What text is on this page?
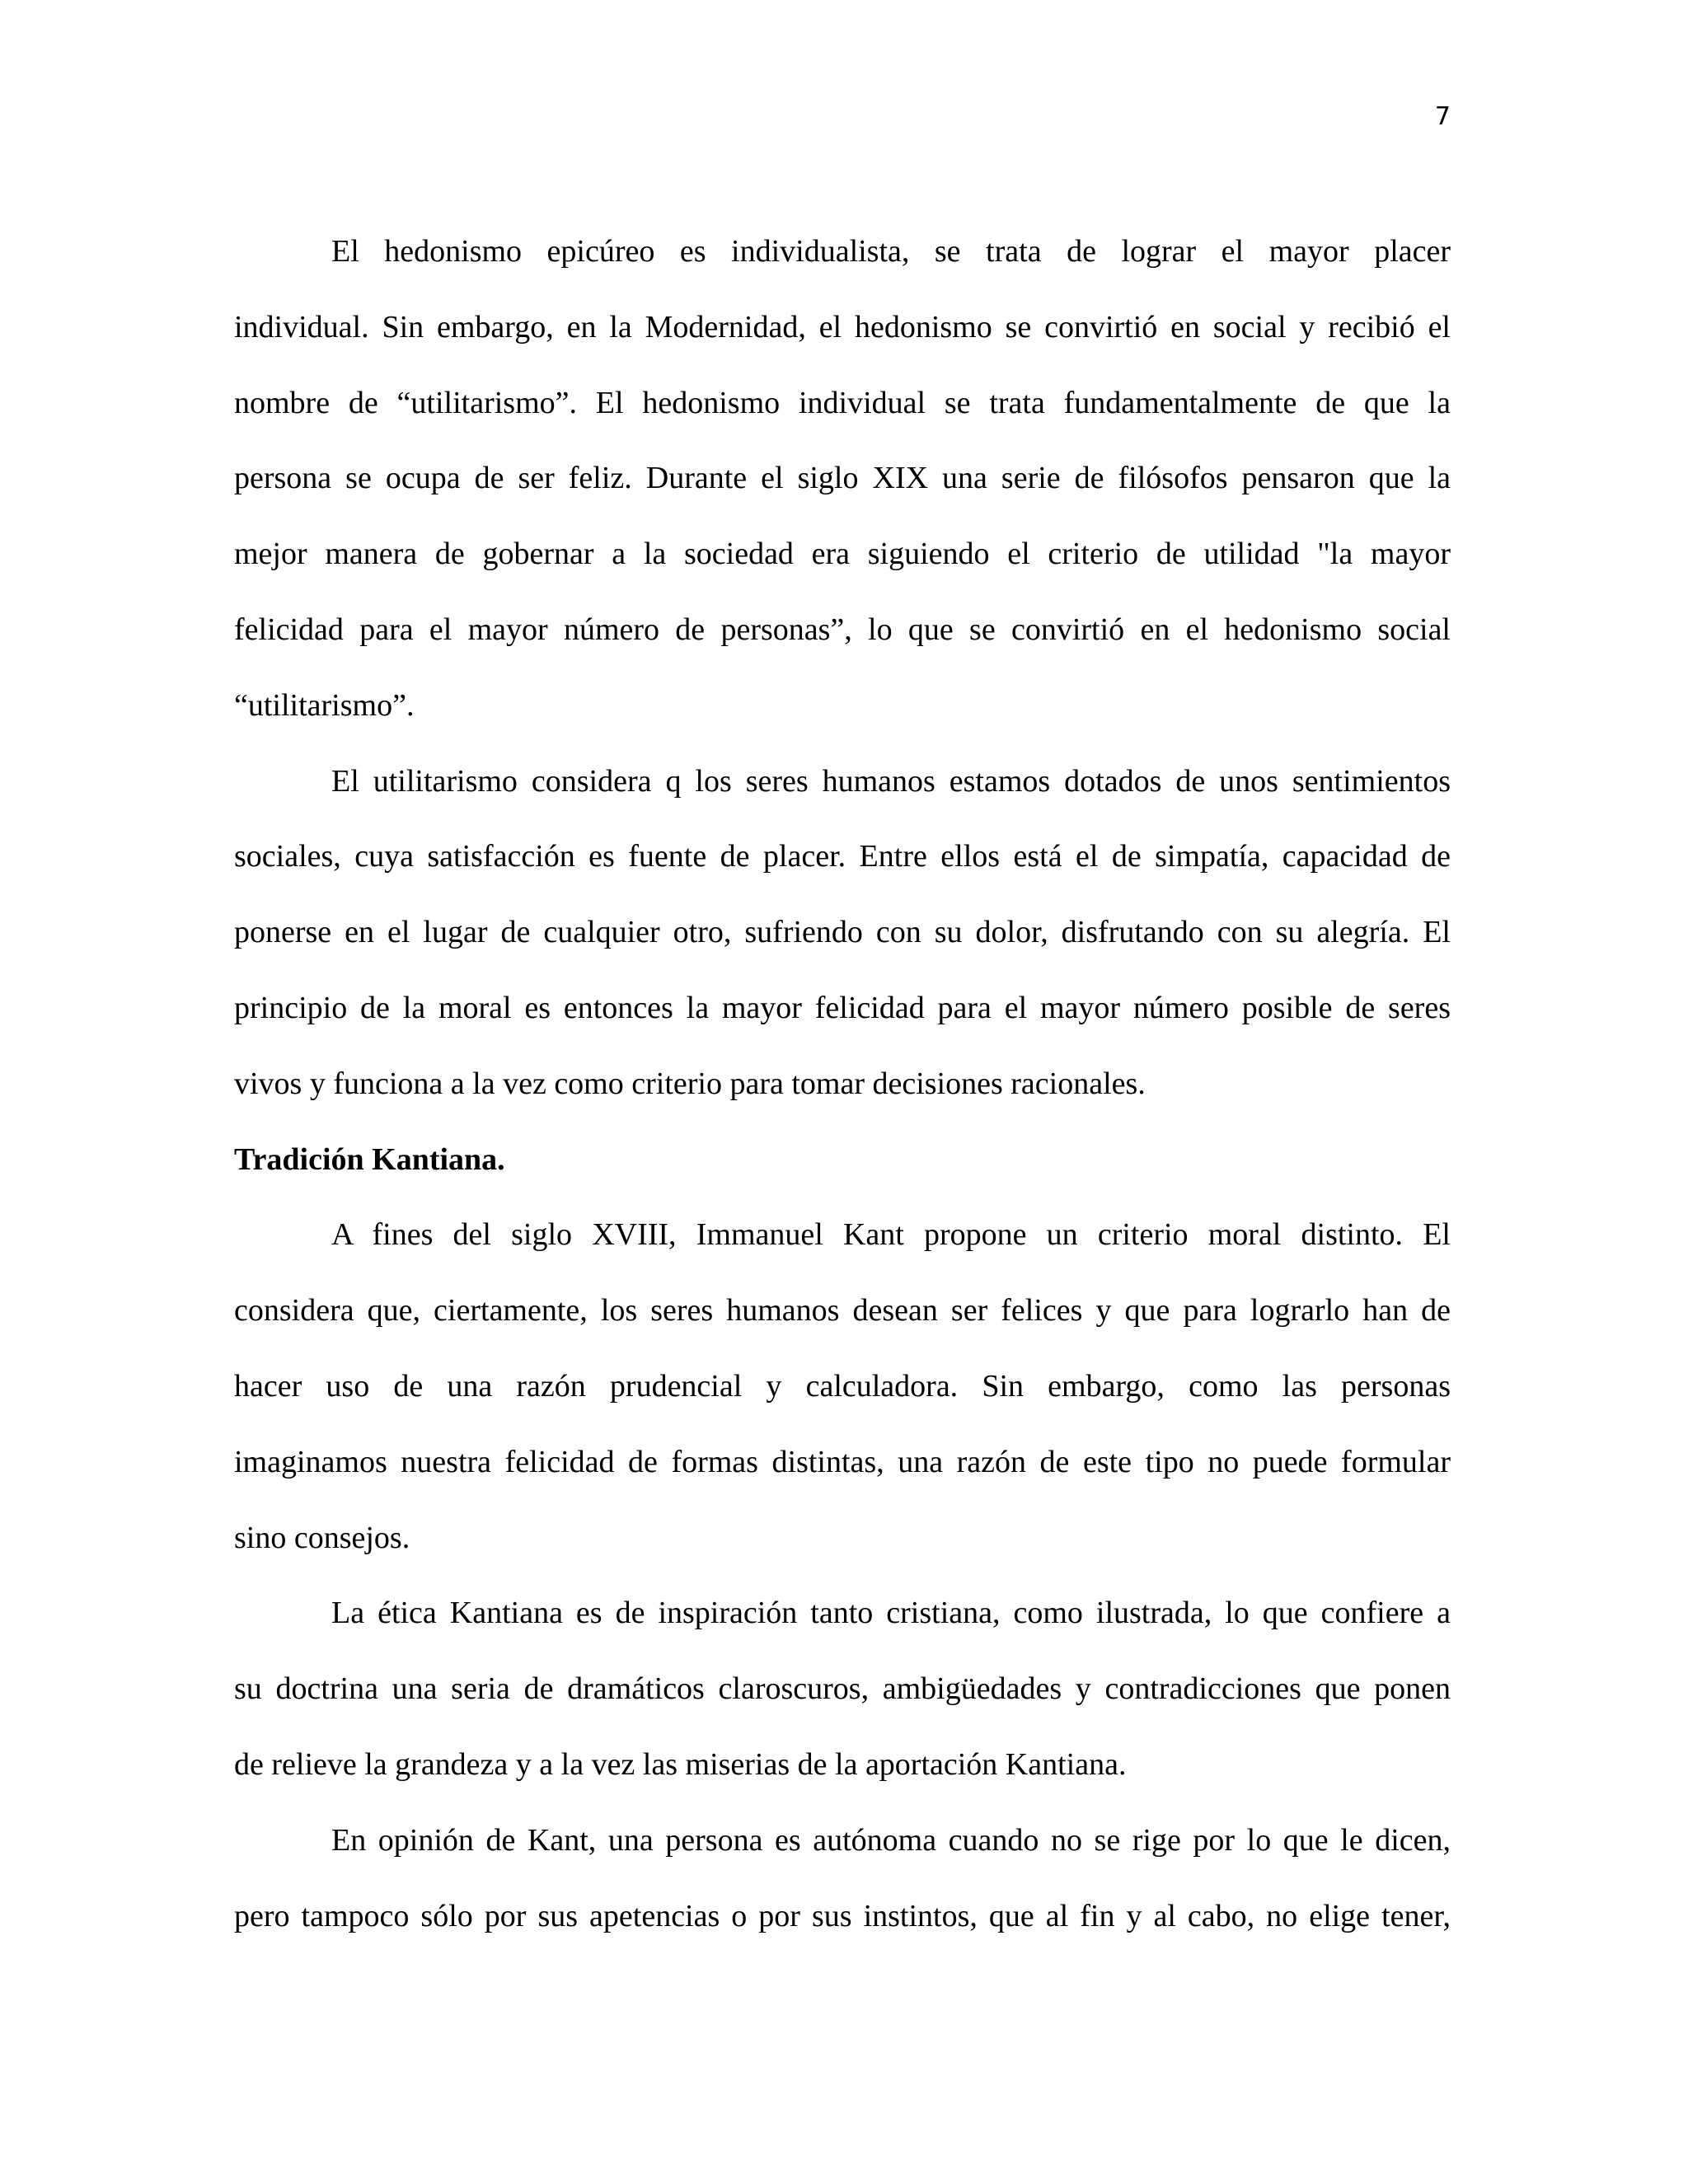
7
El hedonismo epicúreo es individualista, se trata de lograr el mayor placer
individual. Sin embargo, en la Modernidad, el hedonismo se convirtió en social y recibió el
nombre de “utilitarismo”. El hedonismo individual se trata fundamentalmente de que la
persona se ocupa de ser feliz. Durante el siglo XIX una serie de filósofos pensaron que la
mejor manera de gobernar a la sociedad era siguiendo el criterio de utilidad "la mayor
felicidad para el mayor número de personas”, lo que se convirtió en el hedonismo social
“utilitarismo”.
El utilitarismo considera q los seres humanos estamos dotados de unos sentimientos
sociales, cuya satisfacción es fuente de placer. Entre ellos está el de simpatía, capacidad de
ponerse en el lugar de cualquier otro, sufriendo con su dolor, disfrutando con su alegría. El
principio de la moral es entonces la mayor felicidad para el mayor número posible de seres
vivos y funciona a la vez como criterio para tomar decisiones racionales.
Tradición Kantiana.
A fines del siglo XVIII, Immanuel Kant propone un criterio moral distinto. El
considera que, ciertamente, los seres humanos desean ser felices y que para lograrlo han de
hacer uso de una razón prudencial y calculadora. Sin embargo, como las personas
imaginamos nuestra felicidad de formas distintas, una razón de este tipo no puede formular
sino consejos.
La ética Kantiana es de inspiración tanto cristiana, como ilustrada, lo que confiere a
su doctrina una seria de dramáticos claroscuros, ambigüedades y contradicciones que ponen
de relieve la grandeza y a la vez las miserias de la aportación Kantiana.
En opinión de Kant, una persona es autónoma cuando no se rige por lo que le dicen,
pero tampoco sólo por sus apetencias o por sus instintos, que al fin y al cabo, no elige tener,
